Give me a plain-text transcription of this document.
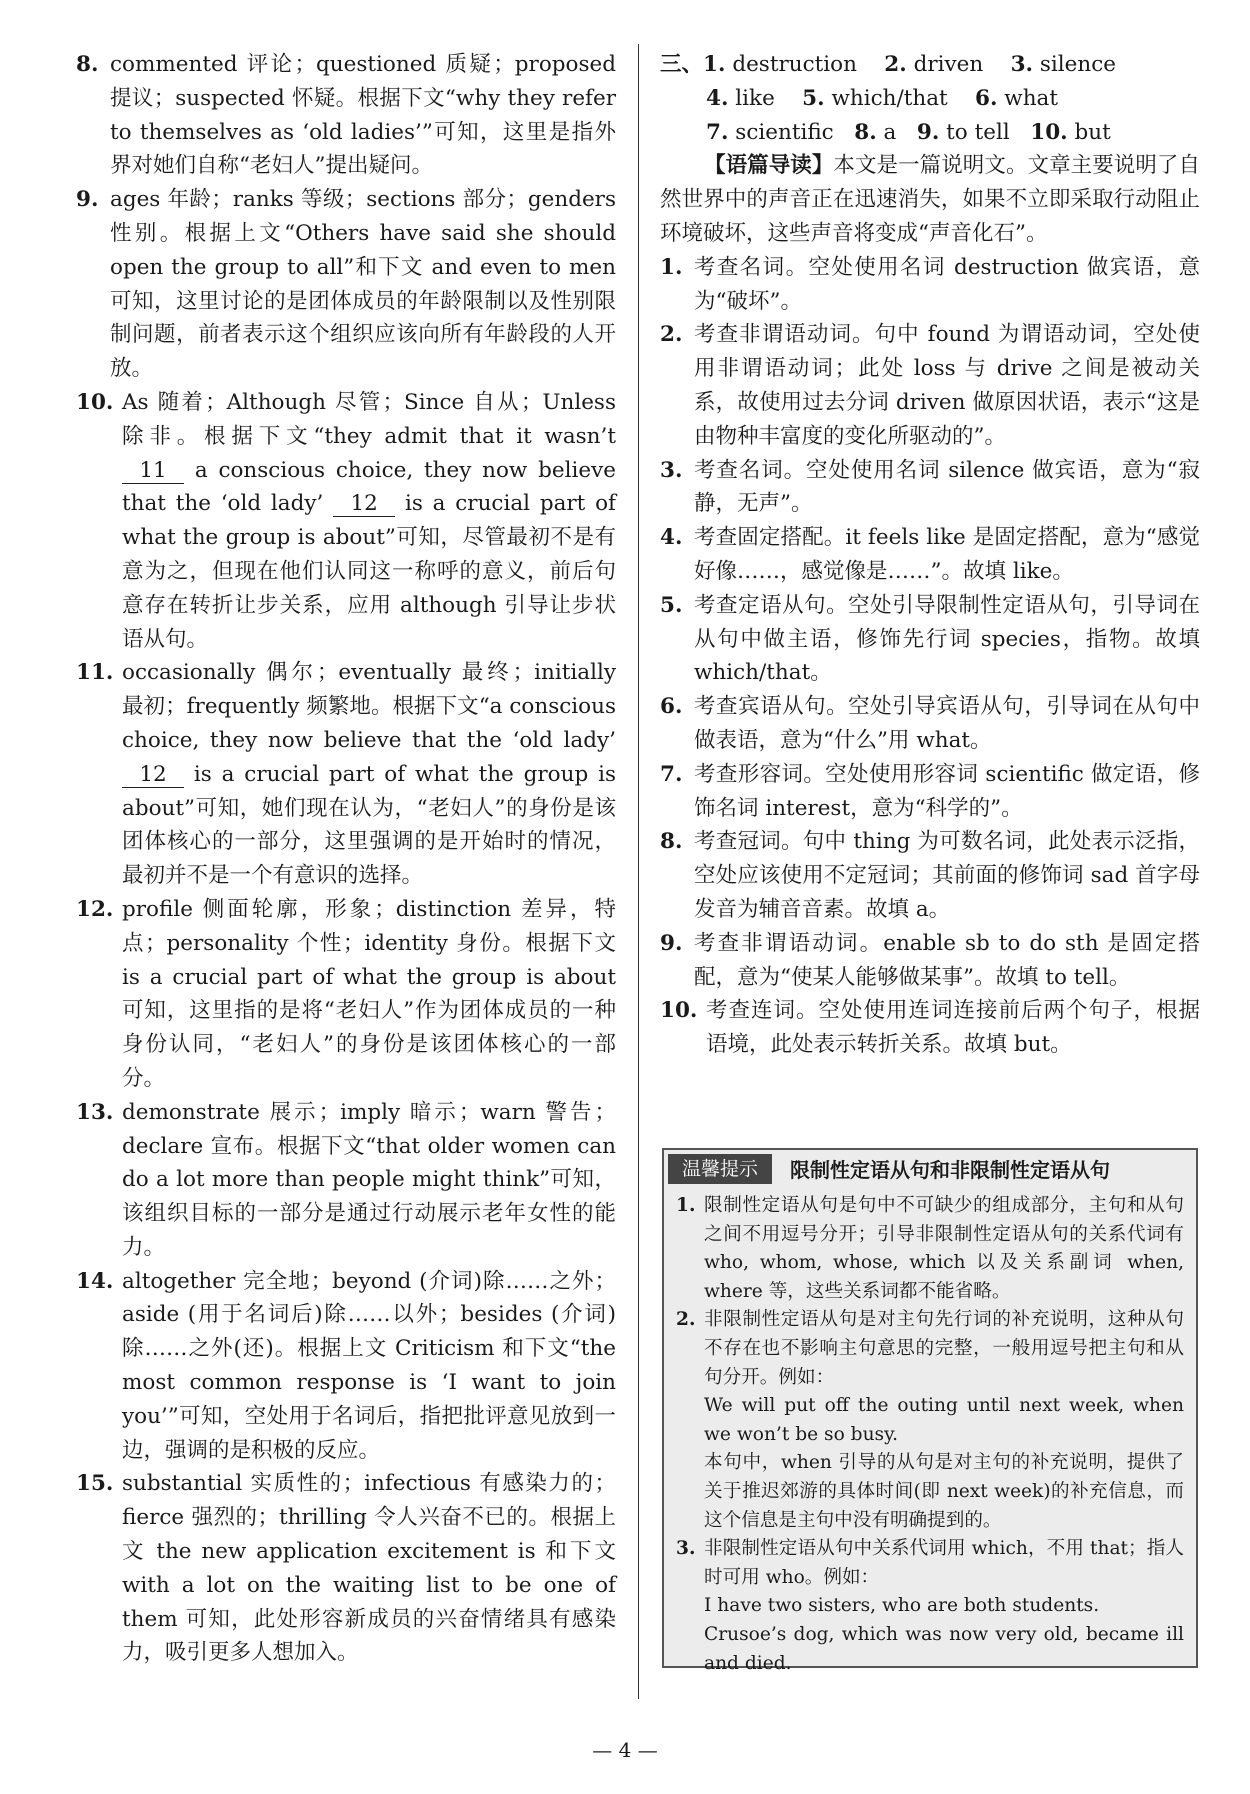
8. commented 评论；questioned 质疑；proposed 提议；suspected 怀疑。根据下文“why they refer to themselves as ‘old ladies’”可知，这里是指外界对她们自称“老妇人”提出疑问。
9. ages 年龄；ranks 等级；sections 部分；genders 性别。根据上文“Others have said she should open the group to all”和下文 and even to men 可知，这里讨论的是团体成员的年龄限制以及性别限制问题，前者表示这个组织应该向所有年龄段的人开放。
10. As 随着；Although 尽管；Since 自从；Unless 除非。根据下文“they admit that it wasn’t 11 a conscious choice, they now believe that the ‘old lady’ 12 is a crucial part of what the group is about”可知，尽管最初不是有意为之，但现在他们认同这一称呼的意义，前后句意存在转折让步关系，应用 although 引导让步状语从句。
11. occasionally 偶尔；eventually 最终；initially 最初；frequently 频繁地。根据下文“a conscious choice, they now believe that the ‘old lady’ 12 is a crucial part of what the group is about”可知，她们现在认为，“老妇人”的身份是该团体核心的一部分，这里强调的是开始时的情况，最初并不是一个有意识的选择。
12. profile 侧面轮廓，形象；distinction 差异，特点；personality 个性；identity 身份。根据下文 is a crucial part of what the group is about 可知，这里指的是将“老妇人”作为团体成员的一种身份认同，“老妇人”的身份是该团体核心的一部分。
13. demonstrate 展示；imply 暗示；warn 警告；declare 宣布。根据下文“that older women can do a lot more than people might think”可知，该组织目标的一部分是通过行动展示老年女性的能力。
14. altogether 完全地；beyond (介词)除……之外；aside (用于名词后)除……以外；besides (介词)除……之外(还)。根据上文 Criticism 和下文“the most common response is ‘I want to join you’”可知，空处用于名词后，指把批评意见放到一边，强调的是积极的反应。
15. substantial 实质性的；infectious 有感染力的；fierce 强烈的；thrilling 令人兴奋不已的。根据上文 the new application excitement is 和下文 with a lot on the waiting list to be one of them 可知，此处形容新成员的兴奋情绪具有感染力，吸引更多人想加入。
三、1. destruction 2. driven 3. silence
4. like 5. which/that 6. what
7. scientific 8. a 9. to tell 10. but
【语篇导读】本文是一篇说明文。文章主要说明了自然世界中的声音正在迅速消失，如果不立即采取行动阻止环境破坏，这些声音将变成“声音化石”。
1. 考查名词。空处使用名词 destruction 做宾语，意为“破坏”。
2. 考查非谓语动词。句中 found 为谓语动词，空处使用非谓语动词；此处 loss 与 drive 之间是被动关系，故使用过去分词 driven 做原因状语，表示“这是由物种丰富度的变化所驱动的”。
3. 考查名词。空处使用名词 silence 做宾语，意为“寂静，无声”。
4. 考查固定搭配。it feels like 是固定搭配，意为“感觉好像……，感觉像是……”。故填 like。
5. 考查定语从句。空处引导限制性定语从句，引导词在从句中做主语，修饰先行词 species，指物。故填 which/that。
6. 考查宾语从句。空处引导宾语从句，引导词在从句中做表语，意为“什么”用 what。
7. 考查形容词。空处使用形容词 scientific 做定语，修饰名词 interest，意为“科学的”。
8. 考查冠词。句中 thing 为可数名词，此处表示泛指，空处应该使用不定冠词；其前面的修饰词 sad 首字母发音为辅音音素。故填 a。
9. 考查非谓语动词。enable sb to do sth 是固定搭配，意为“使某人能够做某事”。故填 to tell。
10. 考查连词。空处使用连词连接前后两个句子，根据语境，此处表示转折关系。故填 but。
温馨提示	限制性定语从句和非限制性定语从句
1. 限制性定语从句是句中不可缺少的组成部分，主句和从句之间不用逗号分开；引导非限制性定语从句的关系代词有 who, whom, whose, which 以及关系副词 when, where 等，这些关系词都不能省略。
2. 非限制性定语从句是对主句先行词的补充说明，这种从句不存在也不影响主句意思的完整，一般用逗号把主句和从句分开。例如：
We will put off the outing until next week, when we won’t be so busy.
本句中，when 引导的从句是对主句的补充说明，提供了关于推迟郊游的具体时间(即 next week)的补充信息，而这个信息是主句中没有明确提到的。
3. 非限制性定语从句中关系代词用 which，不用 that；指人时可用 who。例如：
I have two sisters, who are both students.
Crusoe’s dog, which was now very old, became ill and died.
— 4 —
